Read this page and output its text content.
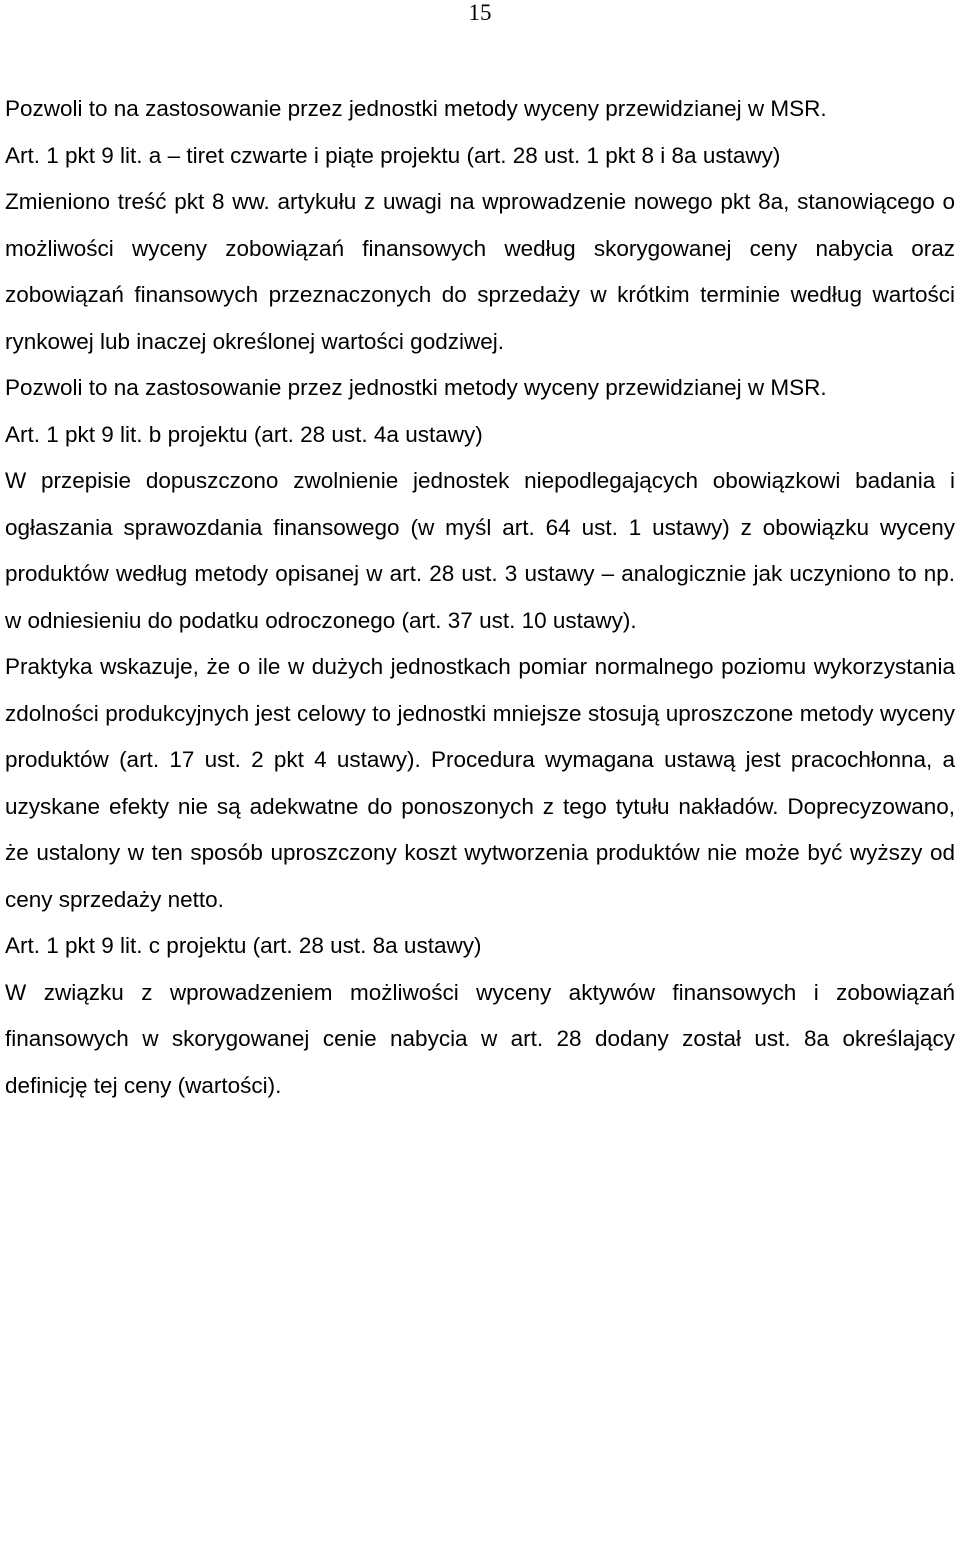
15

Pozwoli to na zastosowanie przez jednostki metody wyceny przewidzianej w MSR.

Art. 1 pkt 9 lit. a – tiret czwarte i piąte projektu (art. 28 ust. 1 pkt 8 i 8a ustawy)

Zmieniono treść pkt 8 ww. artykułu z uwagi na wprowadzenie nowego pkt 8a, stanowiącego o możliwości wyceny zobowiązań finansowych według skorygowanej ceny nabycia oraz zobowiązań finansowych przeznaczonych do sprzedaży w krótkim terminie według wartości rynkowej lub inaczej określonej wartości godziwej.

Pozwoli to na zastosowanie przez jednostki metody wyceny przewidzianej w MSR.

Art. 1 pkt 9 lit. b projektu (art. 28 ust. 4a ustawy)

W przepisie dopuszczono zwolnienie jednostek niepodlegających obowiązkowi badania i ogłaszania sprawozdania finansowego (w myśl art. 64 ust. 1 ustawy) z obowiązku wyceny produktów według metody opisanej w art. 28 ust. 3 ustawy – analogicznie jak uczyniono to np. w odniesieniu do podatku odroczonego (art. 37 ust. 10 ustawy).

Praktyka wskazuje, że o ile w dużych jednostkach pomiar normalnego poziomu wykorzystania zdolności produkcyjnych jest celowy to jednostki mniejsze stosują uproszczone metody wyceny produktów (art. 17 ust. 2 pkt 4 ustawy). Procedura wymagana ustawą jest pracochłonna, a uzyskane efekty nie są adekwatne do ponoszonych z tego tytułu nakładów. Doprecyzowano, że ustalony w ten sposób uproszczony koszt wytworzenia produktów nie może być wyższy od ceny sprzedaży netto.

Art. 1 pkt 9 lit. c projektu (art. 28 ust. 8a ustawy)

W związku z wprowadzeniem możliwości wyceny aktywów finansowych i zobowiązań finansowych w skorygowanej cenie nabycia w art. 28 dodany został ust. 8a określający definicję tej ceny (wartości).
